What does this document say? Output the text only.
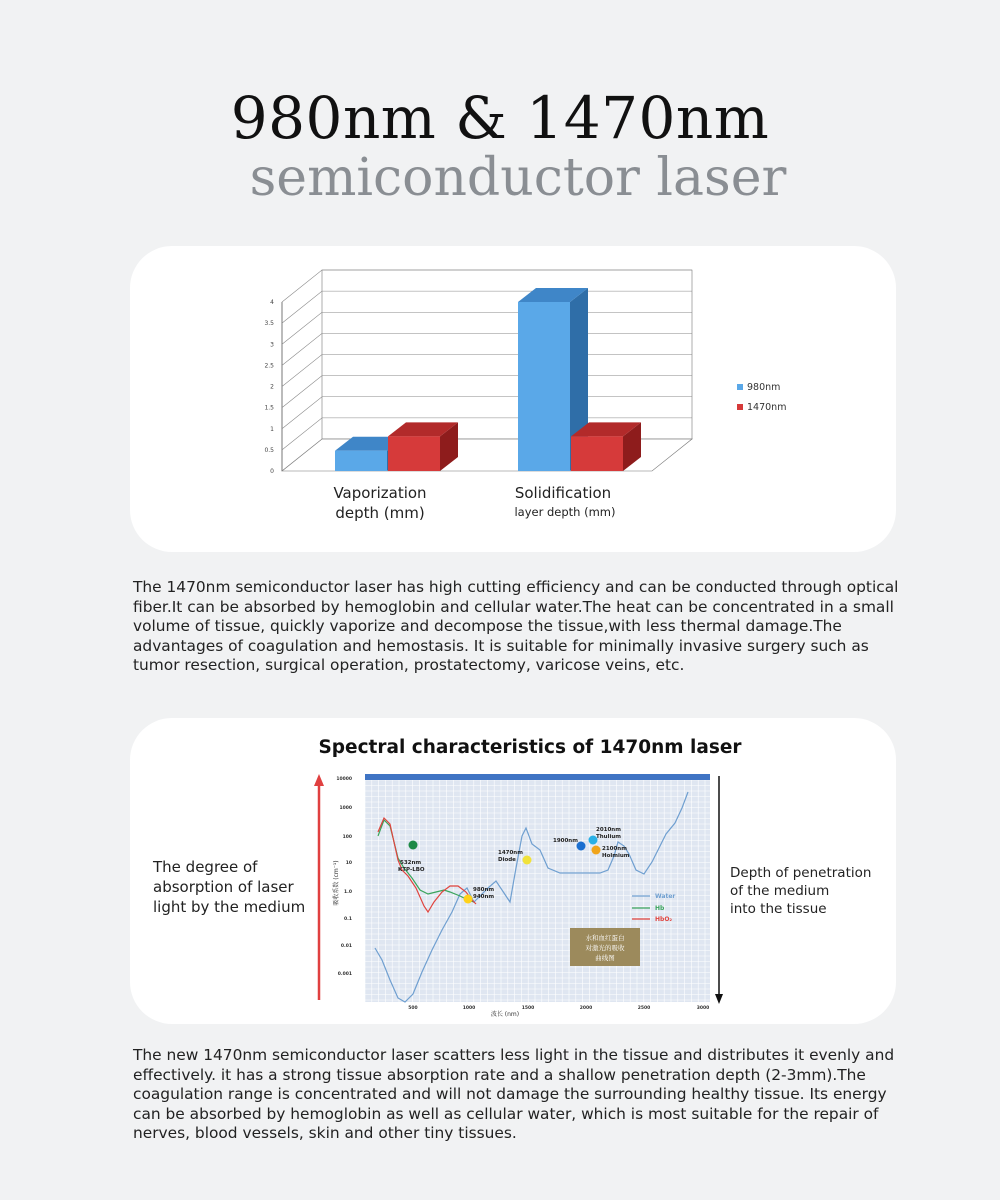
980nm & 1470nm
semiconductor laser
0
0.5
1
1.5
2
2.5
3
3.5
4
980nm
1470nm
Vaporization
depth (mm)
Solidification
layer depth (mm)

The 1470nm semiconductor laser has high cutting efficiency and can be conducted through optical fiber.It can be absorbed by hemoglobin and cellular water.The heat can be concentrated in a small volume of tissue, quickly vaporize and decompose the tissue,with less thermal damage.The advantages of coagulation and hemostasis. It is suitable for minimally invasive surgery such as tumor resection, surgical operation, prostatectomy, varicose veins, etc.

Spectral characteristics of 1470nm laser
The degree of
absorption of laser
light by the medium
Depth of penetration
of the medium
into the tissue
10000
1000
100
10
1.0
0.1
0.01
0.001
500	1000	1500	2000	2500	3000
吸收系数 (cm⁻¹)
波长 (nm)
532nm
KTP-LBO
980nm
940nm
1470nm
Diode
1900nm
2010nm
Thulium
2100nm
Holmium
Water
Hb
HbO₂
水和血红蛋白
对激光的吸收
曲线图

The new 1470nm semiconductor laser scatters less light in the tissue and distributes it evenly and effectively. it has a strong tissue absorption rate and a shallow penetration depth (2-3mm).The coagulation range is concentrated and will not damage the surrounding healthy tissue. Its energy can be absorbed by hemoglobin as well as cellular water, which is most suitable for the repair of nerves, blood vessels, skin and other tiny tissues.
